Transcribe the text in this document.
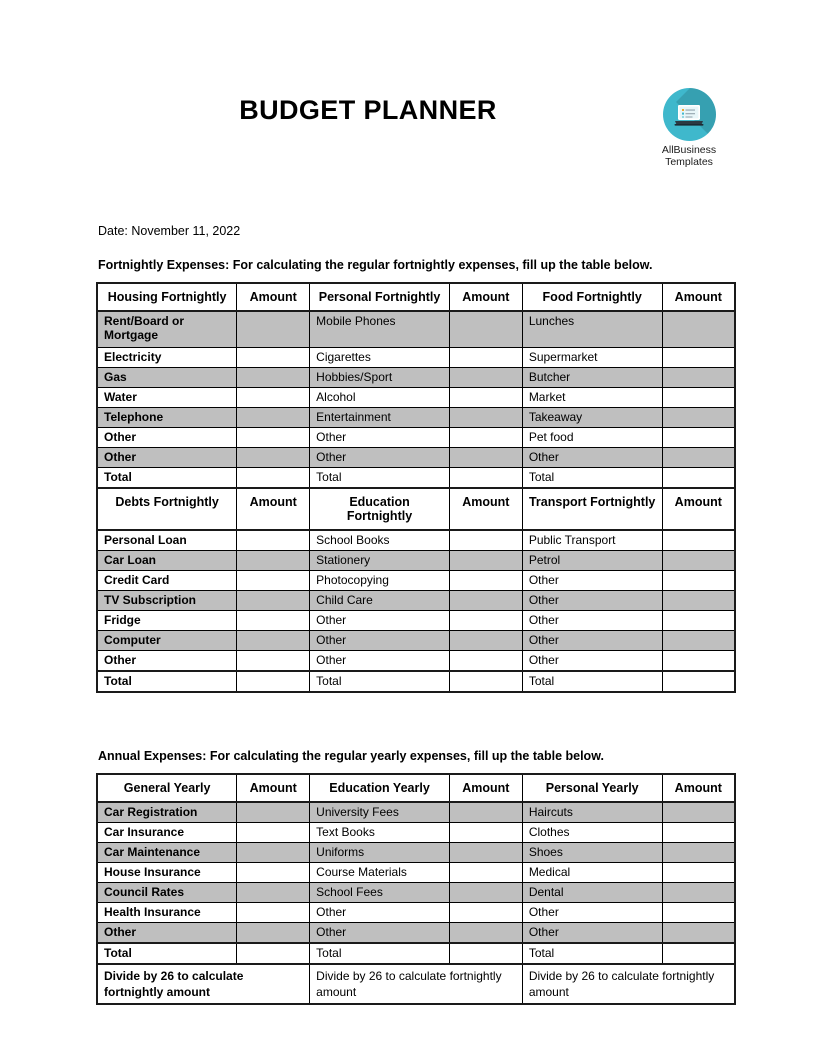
BUDGET PLANNER
AllBusiness
Templates
Date: November 11, 2022
Fortnightly Expenses: For calculating the regular fortnightly expenses, fill up the table below.
Housing Fortnightly	Amount	Personal Fortnightly	Amount	Food Fortnightly	Amount
Rent/Board or Mortgage		Mobile Phones		Lunches	
Electricity		Cigarettes		Supermarket	
Gas		Hobbies/Sport		Butcher	
Water		Alcohol		Market	
Telephone		Entertainment		Takeaway	
Other		Other		Pet food	
Other		Other		Other	
Total		Total		Total	
Debts Fortnightly	Amount	Education Fortnightly	Amount	Transport Fortnightly	Amount
Personal Loan		School Books		Public Transport	
Car Loan		Stationery		Petrol	
Credit Card		Photocopying		Other	
TV Subscription		Child Care		Other	
Fridge		Other		Other	
Computer		Other		Other	
Other		Other		Other	
Total		Total		Total	
Annual Expenses: For calculating the regular yearly expenses, fill up the table below.
General Yearly	Amount	Education Yearly	Amount	Personal Yearly	Amount
Car Registration		University Fees		Haircuts	
Car Insurance		Text Books		Clothes	
Car Maintenance		Uniforms		Shoes	
House Insurance		Course Materials		Medical	
Council Rates		School Fees		Dental	
Health Insurance		Other		Other	
Other		Other		Other	
Total		Total		Total	
Divide by 26 to calculate fortnightly amount		Divide by 26 to calculate fortnightly amount		Divide by 26 to calculate fortnightly amount	
